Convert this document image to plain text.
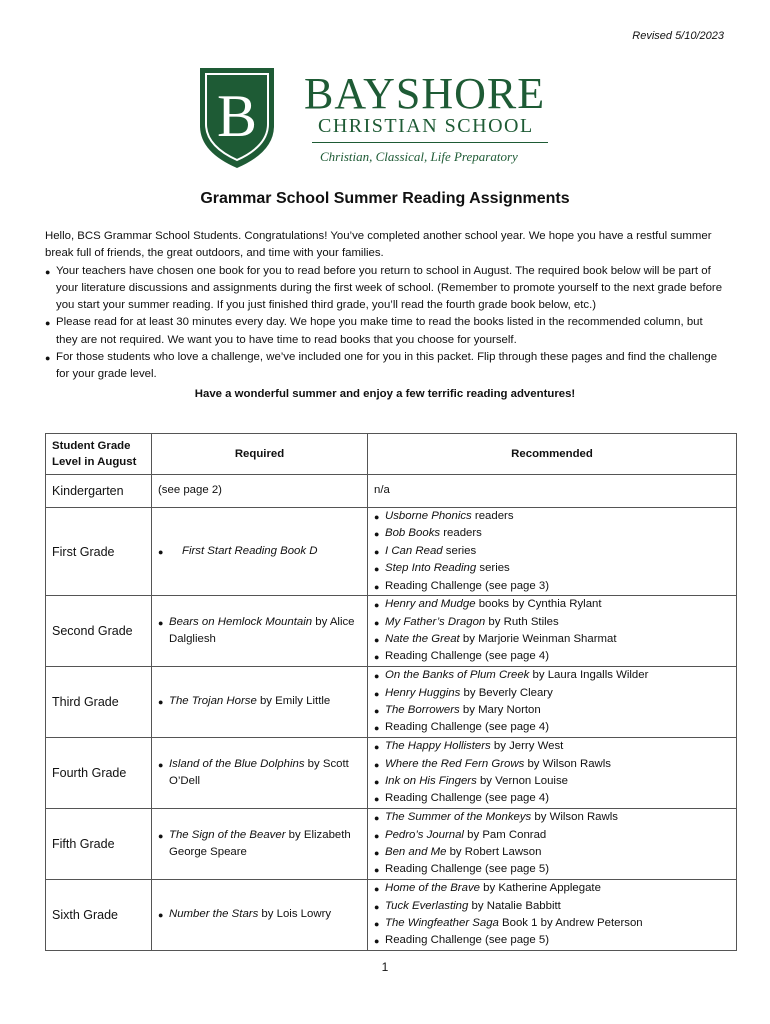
Revised 5/10/2023
B BAYSHORE
CHRISTIAN SCHOOL
Christian, Classical, Life Preparatory
Grammar School Summer Reading Assignments

Hello, BCS Grammar School Students. Congratulations! You’ve completed another school year. We hope you have a restful summer break full of friends, the great outdoors, and time with your families.

● Your teachers have chosen one book for you to read before you return to school in August. The required book below will be part of your literature discussions and assignments during the first week of school. (Remember to promote yourself to the next grade before you start your summer reading. If you just finished third grade, you’ll read the fourth grade book below, etc.)
● Please read for at least 30 minutes every day. We hope you make time to read the books listed in the recommended column, but they are not required. We want you to have time to read books that you choose for yourself.
● For those students who love a challenge, we’ve included one for you in this packet. Flip through these pages and find the challenge for your grade level.

Have a wonderful summer and enjoy a few terrific reading adventures!

Student Grade Level in August	Required	Recommended
Kindergarten	(see page 2)	n/a

First Grade	● First Start Reading Book D	● Usborne Phonics readers
● Bob Books readers
● I Can Read series
● Step Into Reading series
● Reading Challenge (see page 3)

Second Grade	● Bears on Hemlock Mountain by Alice Dalgliesh	● Henry and Mudge books by Cynthia Rylant
● My Father’s Dragon by Ruth Stiles
● Nate the Great by Marjorie Weinman Sharmat
● Reading Challenge (see page 4)

Third Grade	● The Trojan Horse by Emily Little	● On the Banks of Plum Creek by Laura Ingalls Wilder
● Henry Huggins by Beverly Cleary
● The Borrowers by Mary Norton
● Reading Challenge (see page 4)

Fourth Grade	● Island of the Blue Dolphins by Scott O’Dell	● The Happy Hollisters by Jerry West
● Where the Red Fern Grows by Wilson Rawls
● Ink on His Fingers by Vernon Louise
● Reading Challenge (see page 4)

Fifth Grade	● The Sign of the Beaver by Elizabeth George Speare	● The Summer of the Monkeys by Wilson Rawls
● Pedro’s Journal by Pam Conrad
● Ben and Me by Robert Lawson
● Reading Challenge (see page 5)

Sixth Grade	● Number the Stars by Lois Lowry	● Home of the Brave by Katherine Applegate
● Tuck Everlasting by Natalie Babbitt
● The Wingfeather Saga Book 1 by Andrew Peterson
● Reading Challenge (see page 5)
1
